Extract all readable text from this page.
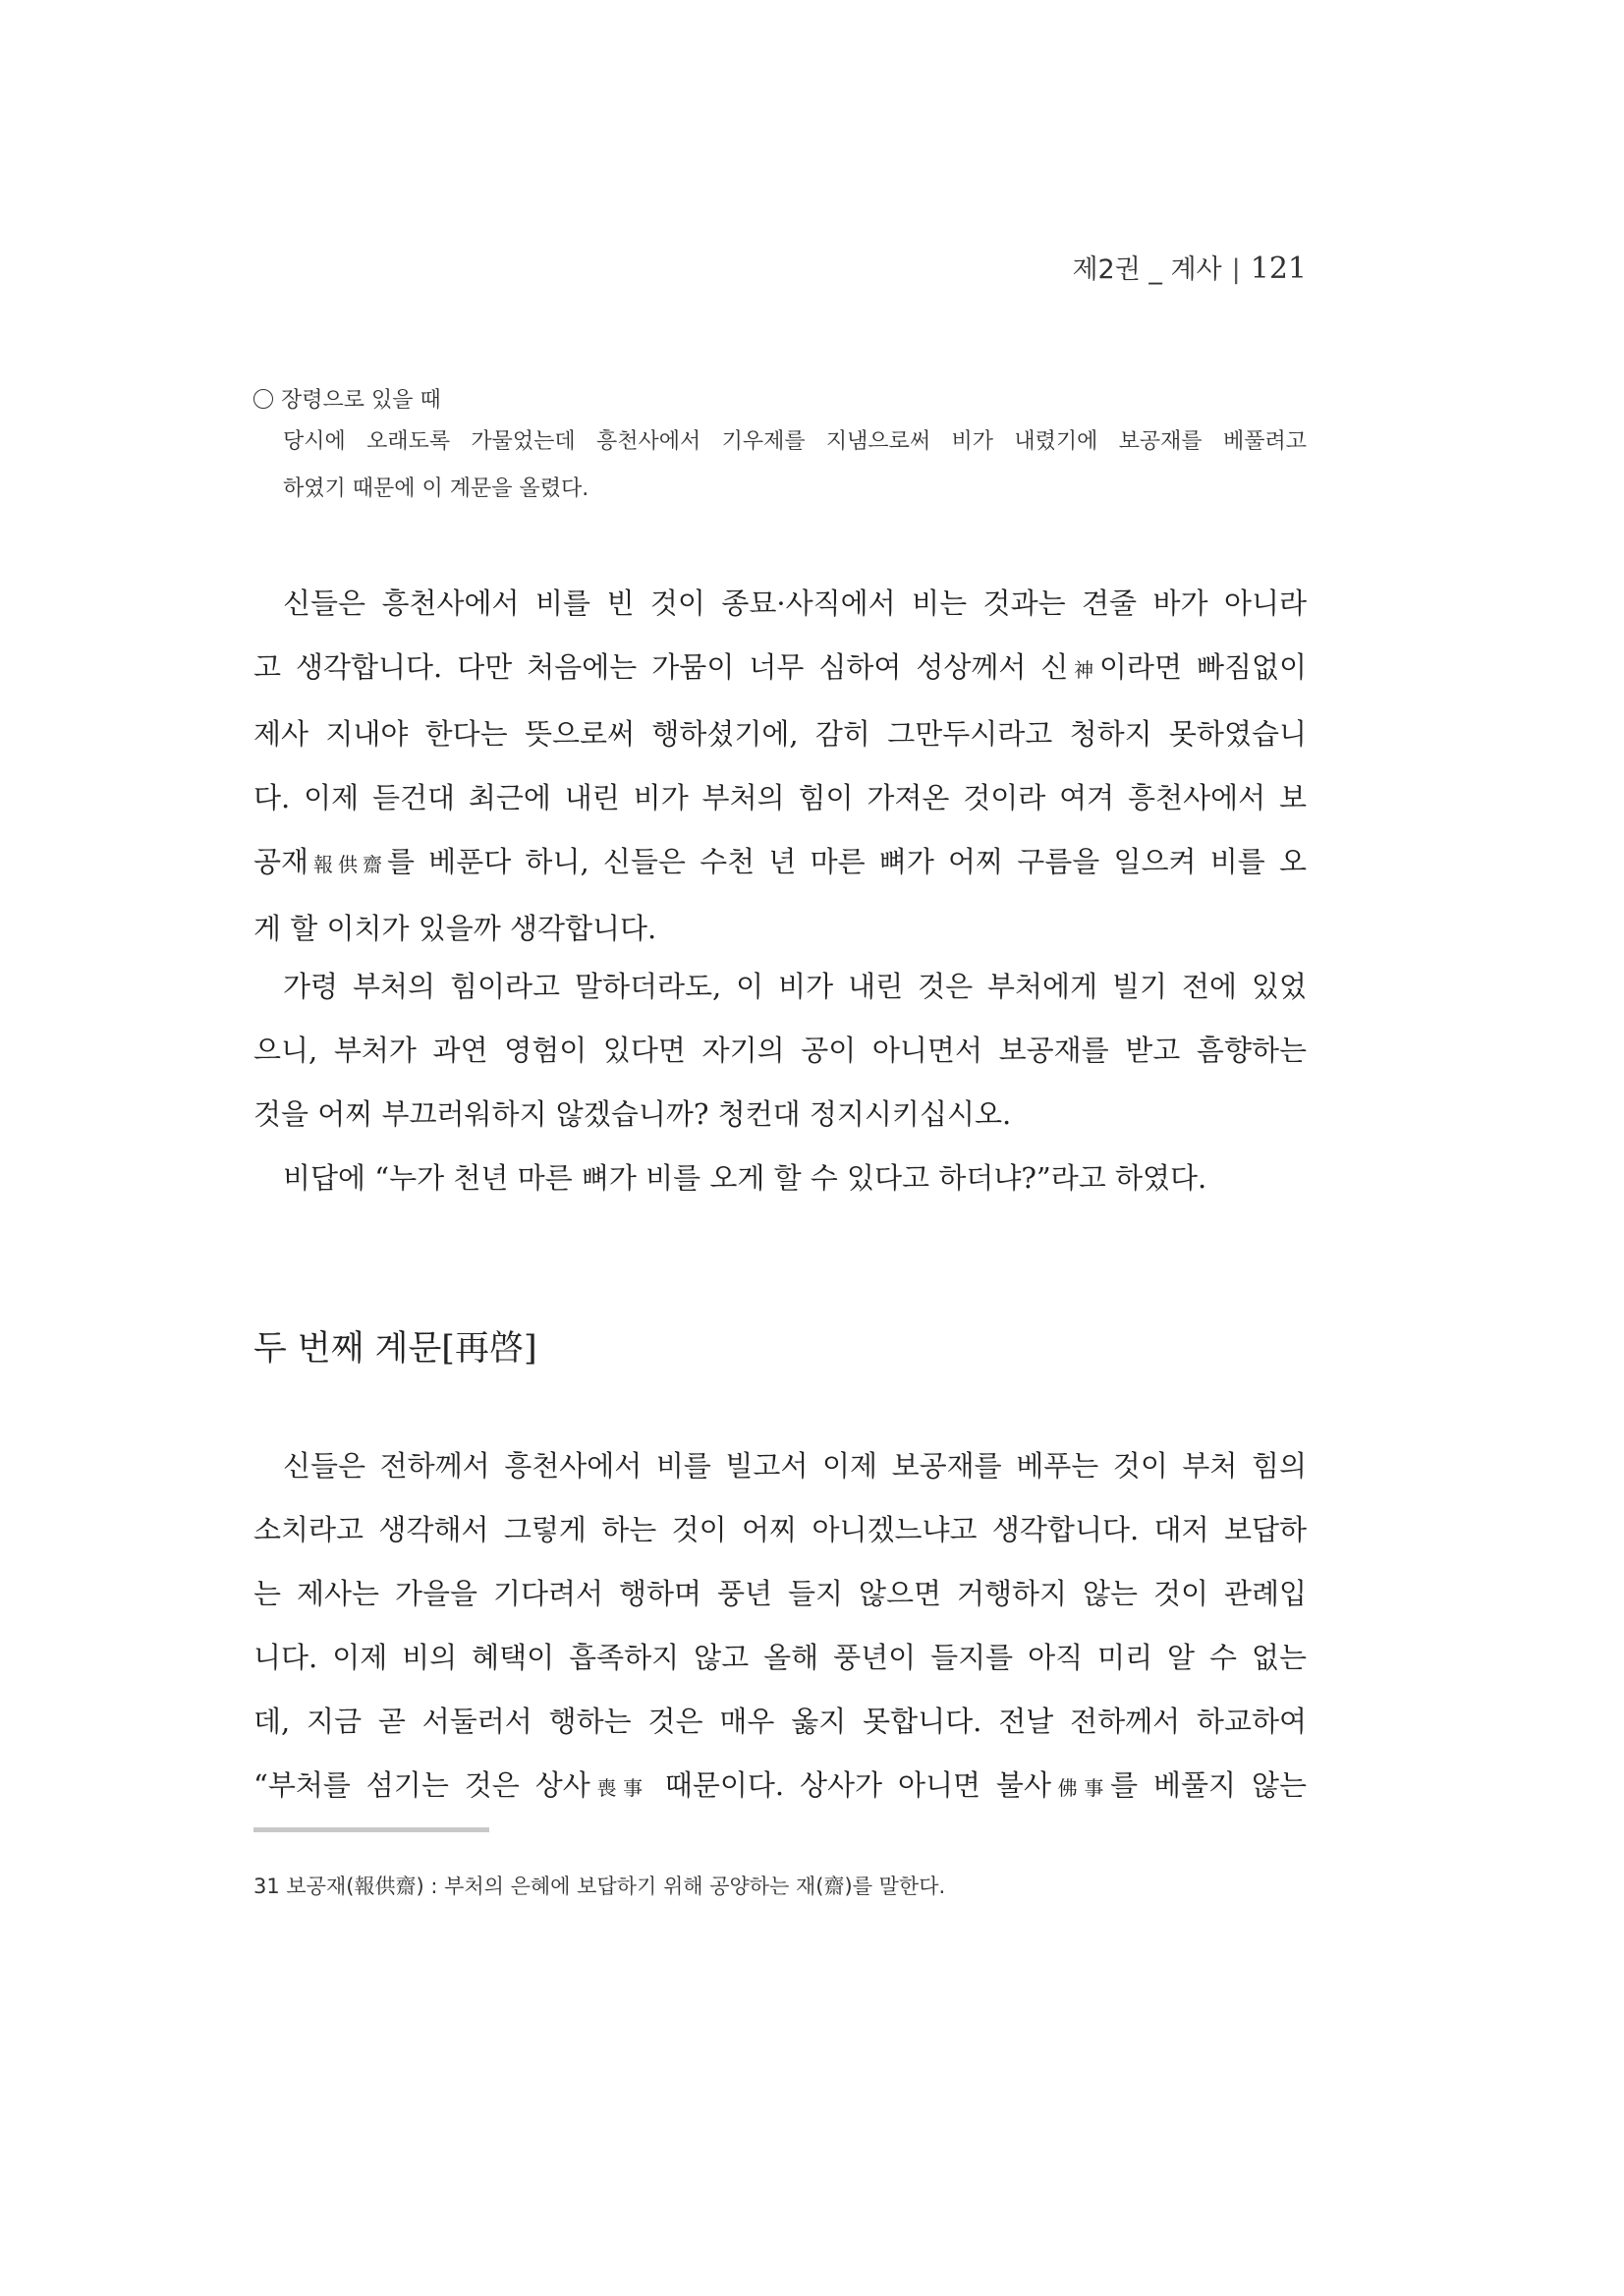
제2권 _ 계사 | 121
장령으로 있을 때
당시에 오래도록 가물었는데 흥천사에서 기우제를 지냄으로써 비가 내렸기에 보공재를 베풀려고
하였기 때문에 이 계문을 올렸다.
신들은 흥천사에서 비를 빈 것이 종묘·사직에서 비는 것과는 견줄 바가 아니라
고 생각합니다. 다만 처음에는 가뭄이 너무 심하여 성상께서 신神이라면 빠짐없이
제사 지내야 한다는 뜻으로써 행하셨기에, 감히 그만두시라고 청하지 못하였습니
다. 이제 듣건대 최근에 내린 비가 부처의 힘이 가져온 것이라 여겨 흥천사에서 보
공재報供齋를 베푼다 하니, 신들은 수천 년 마른 뼈가 어찌 구름을 일으켜 비를 오
게 할 이치가 있을까 생각합니다.
가령 부처의 힘이라고 말하더라도, 이 비가 내린 것은 부처에게 빌기 전에 있었
으니, 부처가 과연 영험이 있다면 자기의 공이 아니면서 보공재를 받고 흠향하는
것을 어찌 부끄러워하지 않겠습니까? 청컨대 정지시키십시오.
비답에 “누가 천년 마른 뼈가 비를 오게 할 수 있다고 하더냐?”라고 하였다.
두 번째 계문[再啓]
신들은 전하께서 흥천사에서 비를 빌고서 이제 보공재를 베푸는 것이 부처 힘의
소치라고 생각해서 그렇게 하는 것이 어찌 아니겠느냐고 생각합니다. 대저 보답하
는 제사는 가을을 기다려서 행하며 풍년 들지 않으면 거행하지 않는 것이 관례입
니다. 이제 비의 혜택이 흡족하지 않고 올해 풍년이 들지를 아직 미리 알 수 없는
데, 지금 곧 서둘러서 행하는 것은 매우 옳지 못합니다. 전날 전하께서 하교하여
“부처를 섬기는 것은 상사喪事 때문이다. 상사가 아니면 불사佛事를 베풀지 않는
31 보공재(報供齋) : 부처의 은혜에 보답하기 위해 공양하는 재(齋)를 말한다.
